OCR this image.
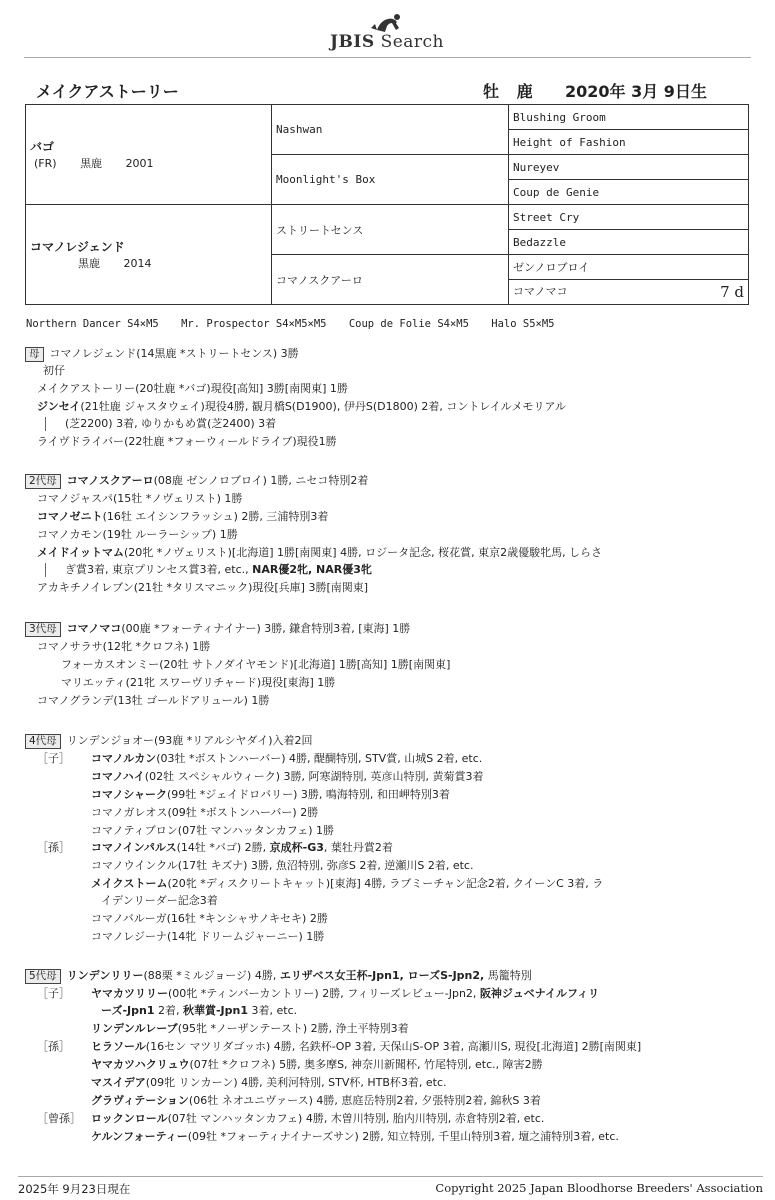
JBIS Search
メイクアストーリー	牡 鹿 2020年 3月 9日生
バゴ
(FR) 黒鹿 2001	Nashwan	Blushing Groom
		Height of Fashion
	Moonlight's Box	Nureyev
		Coup de Genie

コマノレジェンド
黒鹿 2014	ストリートセンス	Street Cry
		Bedazzle
	コマノスクアーロ	ゼンノロブロイ
		コマノマコ 7 d
Northern Dancer S4×M5 Mr. Prospector S4×M5×M5 Coup de Folie S4×M5 Halo S5×M5
母 コマノレジェンド(14黒鹿 *ストリートセンス) 3勝
初仔
メイクアストーリー(20牡鹿 *バゴ)現役[高知] 3勝[南関東] 1勝
ジンセイ(21牡鹿 ジャスタウェイ)現役4勝, 観月橋S(D1900), 伊丹S(D1800) 2着, コントレイルメモリアル
(芝2200) 3着, ゆりかもめ賞(芝2400) 3着
ライヴドライバー(22牡鹿 *フォーウィールドライブ)現役1勝
2代母 コマノスクアーロ(08鹿 ゼンノロブロイ) 1勝, ニセコ特別2着
コマノジャスパ(15牡 *ノヴェリスト) 1勝
コマノゼニト(16牡 エイシンフラッシュ) 2勝, 三浦特別3着
コマノカモン(19牡 ルーラーシップ) 1勝
メイドイットマム(20牝 *ノヴェリスト)[北海道] 1勝[南関東] 4勝, ロジータ記念, 桜花賞, 東京2歳優駿牝馬, しらさ
ぎ賞3着, 東京プリンセス賞3着, etc., NAR優2牝, NAR優3牝
アカキチノイレブン(21牡 *タリスマニック)現役[兵庫] 3勝[南関東]
3代母 コマノマコ(00鹿 *フォーティナイナー) 3勝, 鎌倉特別3着, [東海] 1勝
コマノサラサ(12牝 *クロフネ) 1勝
フォーカスオンミー(20牡 サトノダイヤモンド)[北海道] 1勝[高知] 1勝[南関東]
マリエッティ(21牝 スワーヴリチャード)現役[東海] 1勝
コマノグランデ(13牡 ゴールドアリュール) 1勝
4代母 リンデンジョオー(93鹿 *リアルシヤダイ)入着2回
［子］ コマノルカン(03牡 *ボストンハーバー) 4勝, 醍醐特別, STV賞, 山城S 2着, etc.
コマノハイ(02牡 スペシャルウィーク) 3勝, 阿寒湖特別, 英彦山特別, 黄菊賞3着
コマノシャーク(99牡 *ジェイドロバリー) 3勝, 鳴海特別, 和田岬特別3着
コマノガレオス(09牡 *ボストンハーバー) 2勝
コマノティブロン(07牡 マンハッタンカフェ) 1勝
［孫］ コマノインパルス(14牡 *バゴ) 2勝, 京成杯-G3, 葉牡丹賞2着
コマノウインクル(17牡 キズナ) 3勝, 魚沼特別, 弥彦S 2着, 逆瀬川S 2着, etc.
メイクストーム(20牝 *ディスクリートキャット)[東海] 4勝, ラブミーチャン記念2着, クイーンC 3着, ラ
イデンリーダー記念3着
コマノバルーガ(16牡 *キンシャサノキセキ) 2勝
コマノレジーナ(14牝 ドリームジャーニー) 1勝
5代母 リンデンリリー(88栗 *ミルジョージ) 4勝, エリザベス女王杯-Jpn1, ローズS-Jpn2, 馬籠特別
［子］ ヤマカツリリー(00牝 *ティンバーカントリー) 2勝, フィリーズレビュー-Jpn2, 阪神ジュベナイルフィリ
ーズ-Jpn1 2着, 秋華賞-Jpn1 3着, etc.
リンデンルレーブ(95牝 *ノーザンテースト) 2勝, 浄土平特別3着
［孫］ ヒラソール(16セン マツリダゴッホ) 4勝, 名鉄杯-OP 3着, 天保山S-OP 3着, 高瀬川S, 現役[北海道] 2勝[南関東]
ヤマカツハクリュウ(07牡 *クロフネ) 5勝, 奥多摩S, 神奈川新聞杯, 竹尾特別, etc., 障害2勝
マスイデア(09牝 リンカーン) 4勝, 美利河特別, STV杯, HTB杯3着, etc.
グラヴィテーション(06牡 ネオユニヴァース) 4勝, 恵庭岳特別2着, 夕張特別2着, 錦秋S 3着
［曾孫］ ロックンロール(07牡 マンハッタンカフェ) 4勝, 木曽川特別, 胎内川特別, 赤倉特別2着, etc.
ケルンフォーティー(09牡 *フォーティナイナーズサン) 2勝, 知立特別, 千里山特別3着, 壇之浦特別3着, etc.
2025年 9月23日現在	Copyright 2025 Japan Bloodhorse Breeders' Association
